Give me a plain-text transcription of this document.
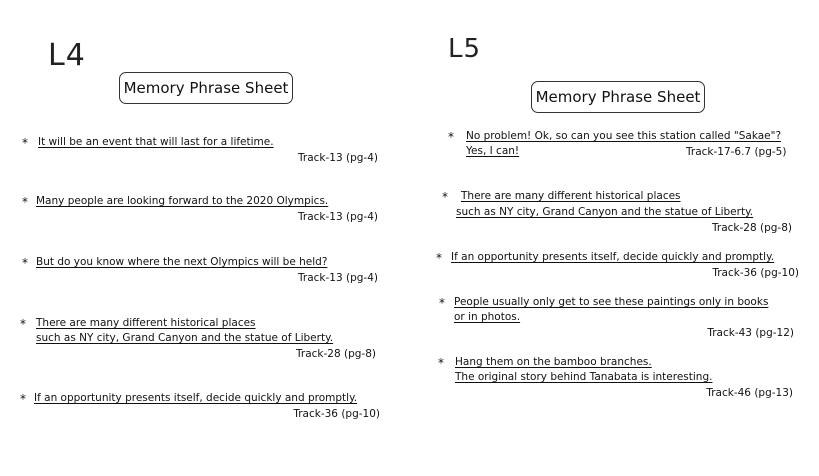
L4
Memory Phrase Sheet
* It will be an event that will last for a lifetime.
Track-13 (pg-4)
* Many people are looking forward to the 2020 Olympics.
Track-13 (pg-4)
* But do you know where the next Olympics will be held?
Track-13 (pg-4)
* There are many different historical places
such as NY city, Grand Canyon and the statue of Liberty.
Track-28 (pg-8)
* If an opportunity presents itself, decide quickly and promptly.
Track-36 (pg-10)
L5
Memory Phrase Sheet
* No problem! Ok, so can you see this station called "Sakae"?
Yes, I can!	Track-17-6.7 (pg-5)
* There are many different historical places
such as NY city, Grand Canyon and the statue of Liberty.
Track-28 (pg-8)
* If an opportunity presents itself, decide quickly and promptly.
Track-36 (pg-10)
* People usually only get to see these paintings only in books
or in photos.
Track-43 (pg-12)
* Hang them on the bamboo branches.
The original story behind Tanabata is interesting.
Track-46 (pg-13)
